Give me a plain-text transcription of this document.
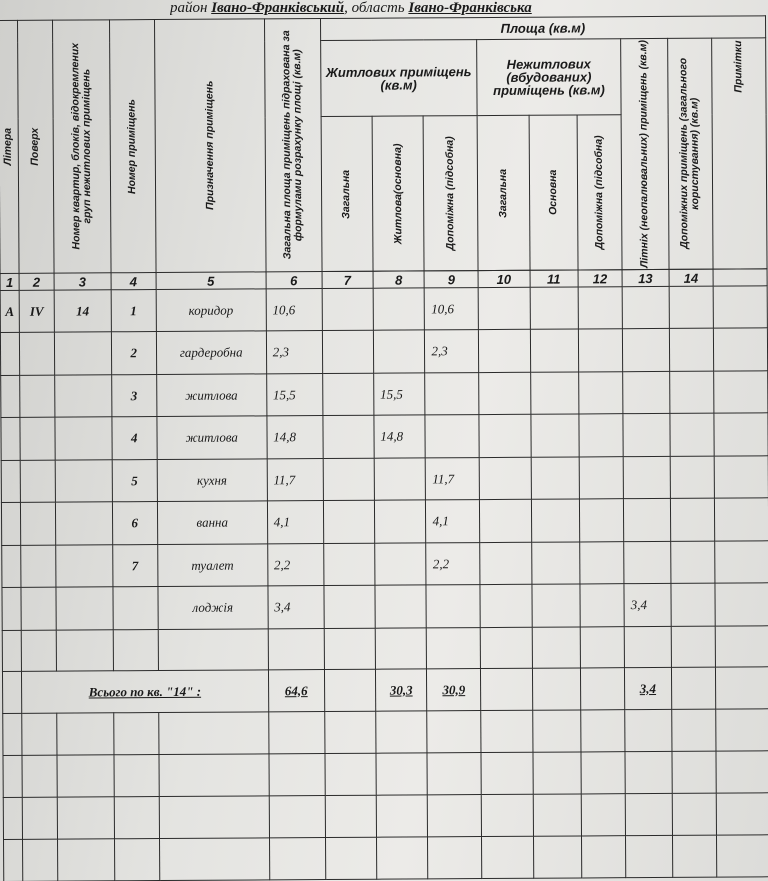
район Івано-Франківський, область Івано-Франківська
Літера	Поверх	Номер квартир, блоків, відокремлених груп нежитлових приміщень	Номер приміщень	Призначення приміщень	Загальна площа приміщень підрахована за формулами розрахунку площі (кв.м)	Площа (кв.м)								
						Житлових приміщень (кв.м)			Нежитлових (вбудованих) приміщень (кв.м)			Літніх (неопалювальних) приміщень (кв.м)	Допоміжних приміщень (загального користування) (кв.м)	Примітки

						Загальна	Житлова(основна)	Допоміжна (підсобна)	Загальна	Основна	Допоміжна (підсобна)			

1	2	3	4	5	6	7	8	9	10	11	12	13	14	
А	IV	14	1	коридор	10,6			10,6						
			2	гардеробна	2,3			2,3						
			3	житлова	15,5		15,5							
			4	житлова	14,8		14,8							
			5	кухня	11,7			11,7						
			6	ванна	4,1			4,1						
			7	туалет	2,2			2,2						
				лоджія	3,4							3,4		

	Всього по кв. "14" :				64,6		30,3	30,9				3,4		
